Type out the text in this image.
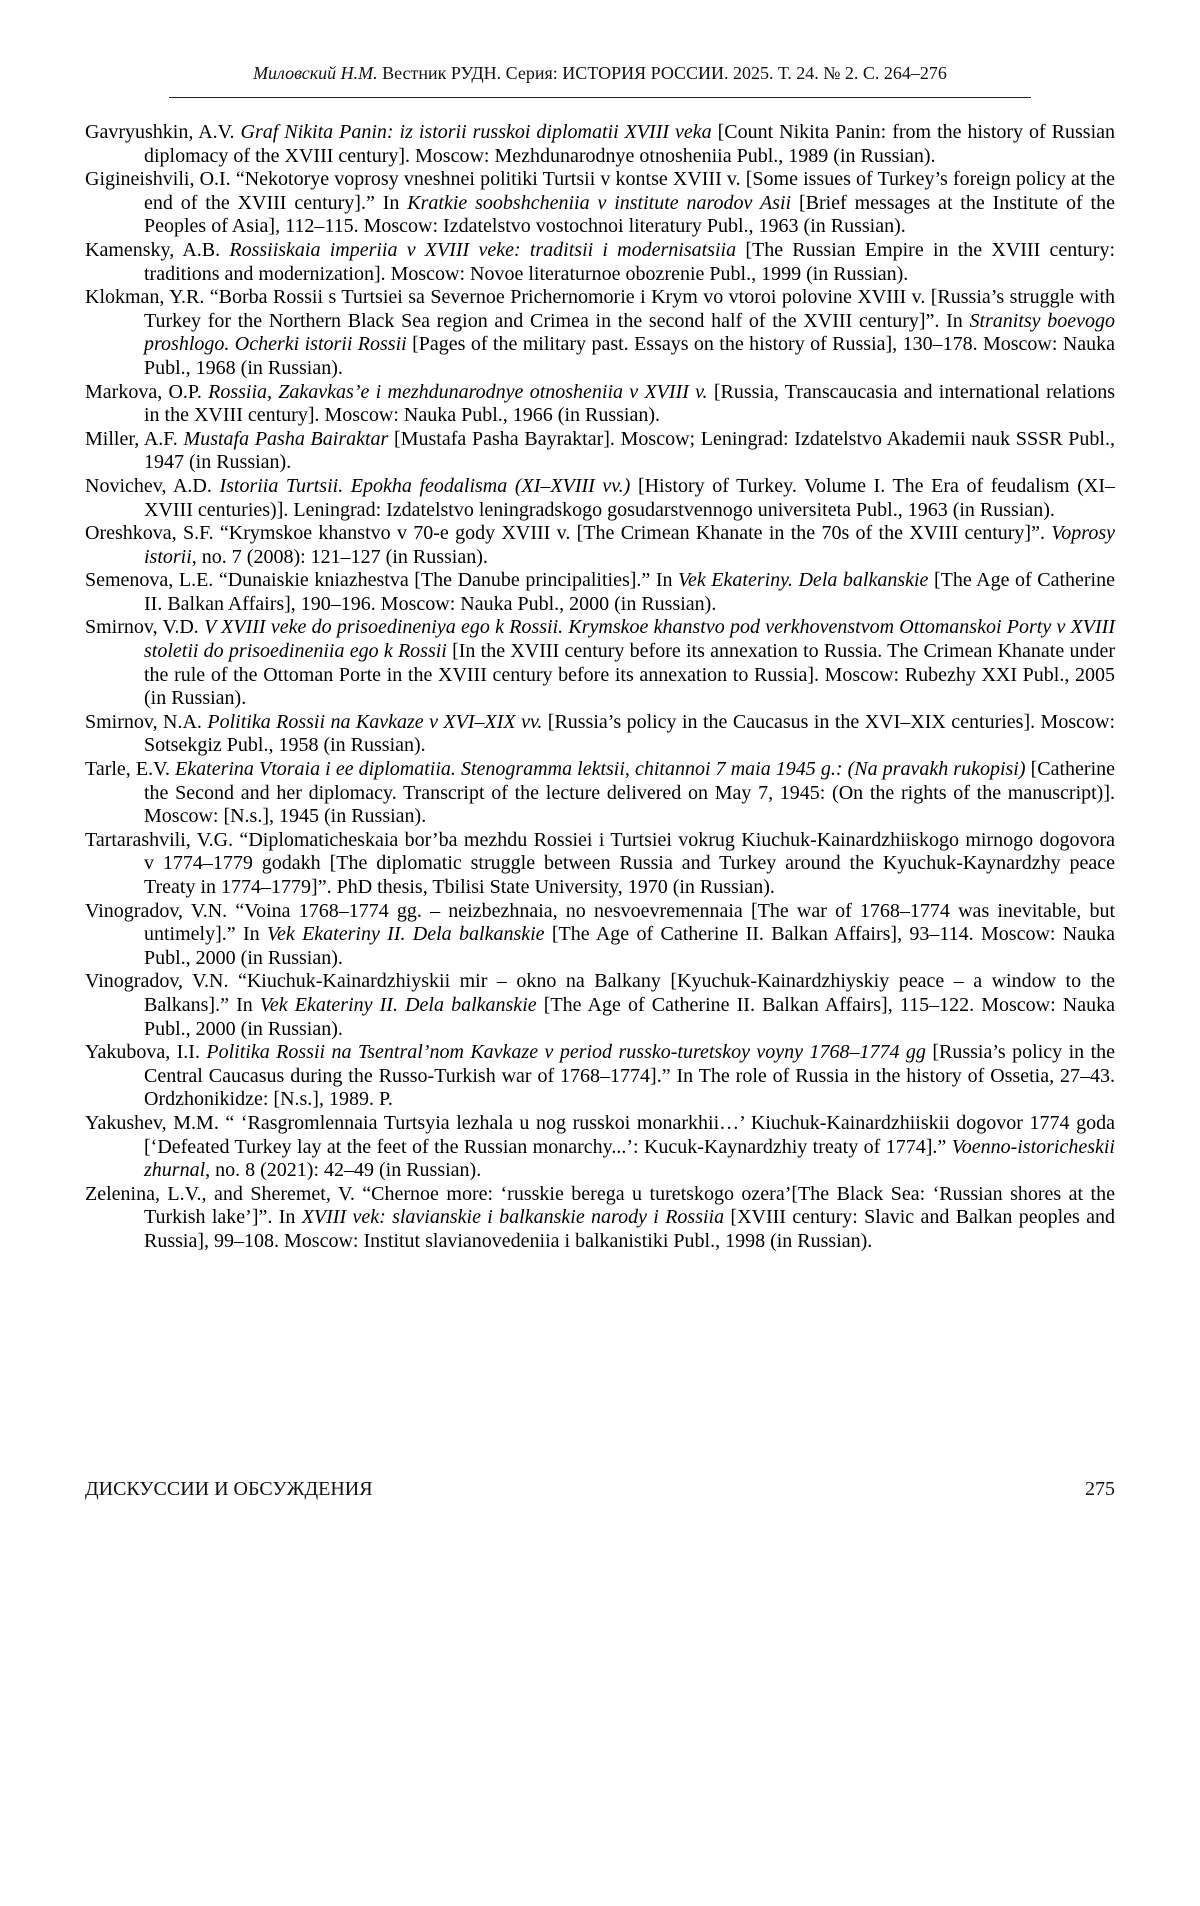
Миловский Н.М. Вестник РУДН. Серия: ИСТОРИЯ РОССИИ. 2025. Т. 24. № 2. С. 264–276

Gavryushkin, A.V. Graf Nikita Panin: iz istorii russkoi diplomatii XVIII veka [Count Nikita Panin: from the history of Russian diplomacy of the XVIII century]. Moscow: Mezhdunarodnye otnosheniia Publ., 1989 (in Russian).

Gigineishvili, O.I. “Nekotorye voprosy vneshnei politiki Turtsii v kontse XVIII v. [Some issues of Turkey’s foreign policy at the end of the XVIII century].” In Kratkie soobshcheniia v institute narodov Asii [Brief messages at the Institute of the Peoples of Asia], 112–115. Moscow: Izdatelstvo vostochnoi literatury Publ., 1963 (in Russian).

Kamensky, A.B. Rossiiskaia imperiia v XVIII veke: traditsii i modernisatsiia [The Russian Empire in the XVIII century: traditions and modernization]. Moscow: Novoe literaturnoe obozrenie Publ., 1999 (in Russian).

Klokman, Y.R. “Borba Rossii s Turtsiei sa Severnoe Prichernomorie i Krym vo vtoroi polovine XVIII v. [Russia’s struggle with Turkey for the Northern Black Sea region and Crimea in the second half of the XVIII century]”. In Stranitsy boevogo proshlogo. Ocherki istorii Rossii [Pages of the military past. Essays on the history of Russia], 130–178. Moscow: Nauka Publ., 1968 (in Russian).

Markova, O.P. Rossiia, Zakavkas’e i mezhdunarodnye otnosheniia v XVIII v. [Russia, Transcaucasia and international relations in the XVIII century]. Moscow: Nauka Publ., 1966 (in Russian).

Miller, A.F. Mustafa Pasha Bairaktar [Mustafa Pasha Bayraktar]. Moscow; Leningrad: Izdatelstvo Akademii nauk SSSR Publ., 1947 (in Russian).

Novichev, A.D. Istoriia Turtsii. Epokha feodalisma (XI–XVIII vv.) [History of Turkey. Volume I. The Era of feudalism (XI–XVIII centuries)]. Leningrad: Izdatelstvo leningradskogo gosudarstvennogo universiteta Publ., 1963 (in Russian).

Oreshkova, S.F. “Krymskoe khanstvo v 70-e gody XVIII v. [The Crimean Khanate in the 70s of the XVIII century]”. Voprosy istorii, no. 7 (2008): 121–127 (in Russian).

Semenova, L.E. “Dunaiskie kniazhestva [The Danube principalities].” In Vek Ekateriny. Dela balkanskie [The Age of Catherine II. Balkan Affairs], 190–196. Moscow: Nauka Publ., 2000 (in Russian).

Smirnov, V.D. V XVIII veke do prisoedineniya ego k Rossii. Krymskoe khanstvo pod verkhovenstvom Ottomanskoi Porty v XVIII stoletii do prisoedineniia ego k Rossii [In the XVIII century before its annexation to Russia. The Crimean Khanate under the rule of the Ottoman Porte in the XVIII century before its annexation to Russia]. Moscow: Rubezhy XXI Publ., 2005 (in Russian).

Smirnov, N.A. Politika Rossii na Kavkaze v XVI–XIX vv. [Russia’s policy in the Caucasus in the XVI–XIX centuries]. Moscow: Sotsekgiz Publ., 1958 (in Russian).

Tarle, E.V. Ekaterina Vtoraia i ee diplomatiia. Stenogramma lektsii, chitannoi 7 maia 1945 g.: (Na pravakh rukopisi) [Catherine the Second and her diplomacy. Transcript of the lecture delivered on May 7, 1945: (On the rights of the manuscript)]. Moscow: [N.s.], 1945 (in Russian).

Tartarashvili, V.G. “Diplomaticheskaia bor’ba mezhdu Rossiei i Turtsiei vokrug Kiuchuk-Kainardzhiiskogo mirnogo dogovora v 1774–1779 godakh [The diplomatic struggle between Russia and Turkey around the Kyuchuk-Kaynardzhy peace Treaty in 1774–1779]”. PhD thesis, Tbilisi State University, 1970 (in Russian).

Vinogradov, V.N. “Voina 1768–1774 gg. – neizbezhnaia, no nesvoevremennaia [The war of 1768–1774 was inevitable, but untimely].” In Vek Ekateriny II. Dela balkanskie [The Age of Catherine II. Balkan Affairs], 93–114. Moscow: Nauka Publ., 2000 (in Russian).

Vinogradov, V.N. “Kiuchuk-Kainardzhiyskii mir – okno na Balkany [Kyuchuk-Kainardzhiyskiy peace – a window to the Balkans].” In Vek Ekateriny II. Dela balkanskie [The Age of Catherine II. Balkan Affairs], 115–122. Moscow: Nauka Publ., 2000 (in Russian).

Yakubova, I.I. Politika Rossii na Tsentral’nom Kavkaze v period russko-turetskoy voyny 1768–1774 gg [Russia’s policy in the Central Caucasus during the Russo-Turkish war of 1768–1774].” In The role of Russia in the history of Ossetia, 27–43. Ordzhonikidze: [N.s.], 1989. P.

Yakushev, M.M. “ ‘Rasgromlennaia Turtsyia lezhala u nog russkoi monarkhii…’ Kiuchuk-Kainardzhiiskii dogovor 1774 goda [‘Defeated Turkey lay at the feet of the Russian monarchy...’: Kucuk-Kaynardzhiy treaty of 1774].” Voenno-istoricheskii zhurnal, no. 8 (2021): 42–49 (in Russian).

Zelenina, L.V., and Sheremet, V. “Chernoe more: ‘russkie berega u turetskogo ozera’[The Black Sea: ‘Russian shores at the Turkish lake’]”. In XVIII vek: slavianskie i balkanskie narody i Rossiia [XVIII century: Slavic and Balkan peoples and Russia], 99–108. Moscow: Institut slavianovedeniia i balkanistiki Publ., 1998 (in Russian).

ДИСКУССИИ И ОБСУЖДЕНИЯ	275
